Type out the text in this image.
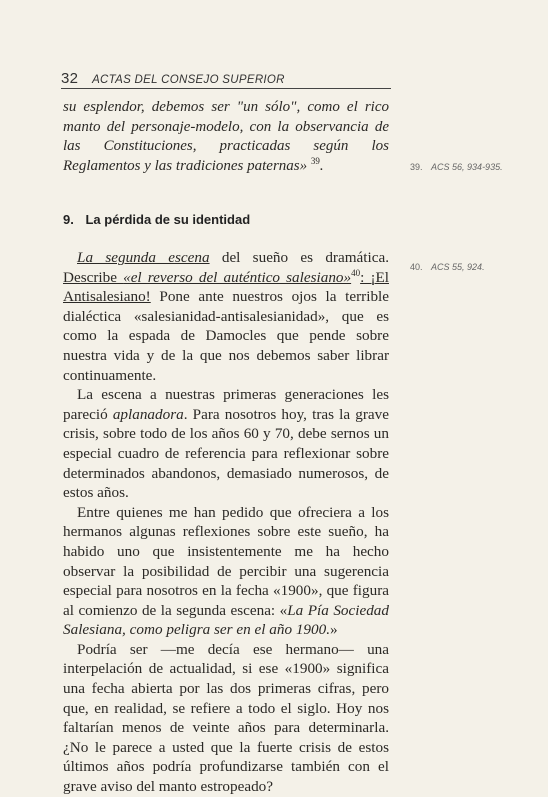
32 ACTAS DEL CONSEJO SUPERIOR

su esplendor, debemos ser "un sólo", como el rico manto del personaje-modelo, con la observancia de las Constituciones, practicadas según los Reglamentos y las tradiciones paternas» $^{39}$.	39. ACS 56, 934-935.
9. La pérdida de su identidad
40. ACS 55, 924.

La segunda escena del sueño es dramática. Describe «el reverso del auténtico salesiano»$^{40}$: ¡El Antisalesiano! Pone ante nuestros ojos la terrible dialéctica «salesianidad-antisalesianidad», que es como la espada de Damocles que pende sobre nuestra vida y de la que nos debemos saber librar continuamente.

La escena a nuestras primeras generaciones les pareció aplanadora. Para nosotros hoy, tras la grave crisis, sobre todo de los años 60 y 70, debe sernos un especial cuadro de referencia para reflexionar sobre determinados abandonos, demasiado numerosos, de estos años.

Entre quienes me han pedido que ofreciera a los hermanos algunas reflexiones sobre este sueño, ha habido uno que insistentemente me ha hecho observar la posibilidad de percibir una sugerencia especial para nosotros en la fecha «1900», que figura al comienzo de la segunda escena: «La Pía Sociedad Salesiana, como peligra ser en el año 1900.»

Podría ser —me decía ese hermano— una interpelación de actualidad, si ese «1900» significa una fecha abierta por las dos primeras cifras, pero que, en realidad, se refiere a todo el siglo. Hoy nos faltarían menos de veinte años para determinarla. ¿No le parece a usted que la fuerte crisis de estos últimos años podría profundizarse también con el grave aviso del manto estropeado?
